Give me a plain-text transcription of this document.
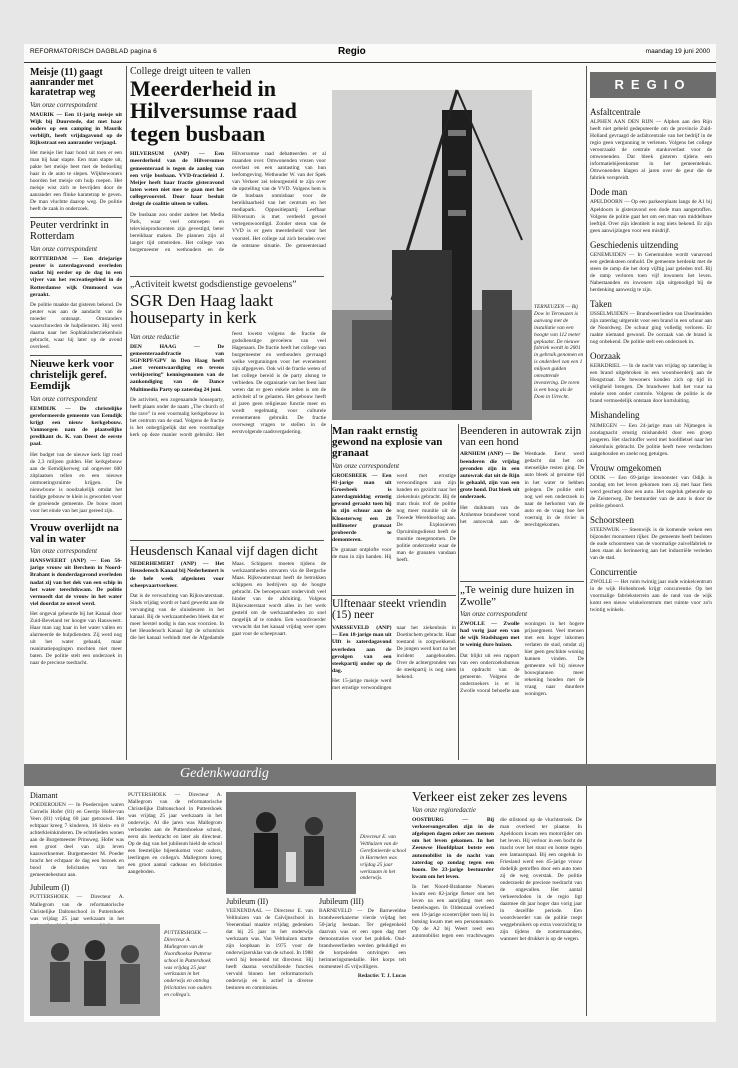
REFORMATORISCH DAGBLAD pagina 6	Regio	maandag 19 juni 2000
Meisje (11) gaagt aanrander met karatetrap weg

Van onze correspondent

MAURIK — Een 11-jarig meisje uit Wijk bij Duurstede, dat met haar ouders op een camping in Maurik verblijft, heeft vrijdagavond op de Rijksstraat een aanrander verjaagd.

Het meisje liet haar hond uit toen er een man bij haar stapte. Een man stapte uit, pakte het meisje beet met de bedoeling haar in de auto te slepen. Wijkbewoners hoorden het meisje om hulp roepen. Het meisje wist zich te bevrijden door de aanrander een flinke karatetrap te geven. De man vluchtte daarop weg. De politie heeft de zaak in onderzoek.

Peuter verdrinkt in Rotterdam

Van onze correspondent

ROTTERDAM — Een driejarige peuter is zaterdagavond overleden nadat hij eerder op de dag in een vijver van het recreatiegebied in de Rotterdamse wijk Ommoord was geraakt.

De politie maakte dat gisteren bekend. De peuter was aan de aandacht van de moeder ontsnapt. Omstanders waarschuwden de hulpdiensten. Hij werd daarna naar het Sophiakinderziekenhuis gebracht, waar hij later op de avond overleed.

Nieuwe kerk voor christelijk geref. Eemdijk

Van onze correspondent

EEMDIJK — De christelijke gereformeerde gemeente van Eemdijk krijgt een nieuw kerkgebouw. Vanmorgen nam de plaatselijke predikant ds. K. van Deest de eerste paal.

Het budget van de nieuwe kerk ligt rond de 2,3 miljoen gulden. Het kerkgebouw aan de Eemdijkerweg zal ongeveer 600 zitplaatsen tellen en een nieuwe ontmoetingsruimte krijgen. De nieuwbouw is noodzakelijk omdat het huidige gebouw te klein is geworden voor de groeiende gemeente. De bouw moet voor het einde van het jaar gereed zijn.

Vrouw overlijdt na val in water

Van onze correspondent

HANSWEERT (ANP) — Een 56-jarige vrouw uit Berchem in Noord-Brabant is donderdagavond overleden nadat zij van het dek van een schip in het water terechtkwam. De politie vermoedt dat de vrouw in het water viel doordat ze onwel werd.

Het ongeval gebeurde bij het Kanaal door Zuid-Beveland ter hoogte van Hansweert. Haar man zag haar in het water vallen en alarmeerde de hulpdiensten. Zij werd nog uit het water gehaald, maar reanimatiepogingen mochten niet meer baten. De politie stelt een onderzoek in naar de precieze toedracht.

College dreigt uiteen te vallen

Meerderheid in Hilversumse raad tegen busbaan

HILVERSUM (ANP) — Een meerderheid van de Hilversumse gemeenteraad is tegen de aanleg van een vrije busbaan. VVD-fractieleid J. Meijer heeft haar fractie gisteravond laten weten niet mee te gaan met het collegevoorstel. Door haar besluit dreigt de coalitie uiteen te vallen.

De busbaan zou onder andere het Media Park, waar veel omroepen en televisieproducenten zijn gevestigd, beter bereikbaar maken. De plannen zijn al langer tijd omstreden. Het college van burgemeester en wethouders en de Hilversumse raad debatteerden er al maanden over. Omwonenden vrezen voor overlast en een aantasting van hun leefomgeving. Wethouder W. van der Spek van Verkeer zei teleurgesteld te zijn over de opstelling van de VVD. Volgens hem is de busbaan onmisbaar voor de bereikbaarheid van het centrum en het mediapark. Oppositiepartij Leefbaar Hilversum is met verdeeld gevoel vertegenwoordigd. Zonder steun van de VVD is er geen meerderheid voor het voorstel. Het college zal zich beraden over de ontstane situatie. De gemeenteraad

„Activiteit kwetst godsdienstige gevoelens”

SGR Den Haag laakt houseparty in kerk

Van onze redactie

DEN HAAG — De gemeenteraadsfractie van SGP/RPF/GPV in Den Haag heeft „met verontwaardiging en tevens verbijstering” kennisgenomen van de aankondiging van de Dance Multimedia Party op zaterdag 24 juni.

De activiteit, een zogenaamde houseparty, heeft plaats onder de naam „The church of the rave” in een voormalig kerkgebouw in het centrum van de stad. Volgens de fractie is het onbegrijpelijk dat een voormalige kerk op deze manier wordt gebruikt. Het feest kwetst volgens de fractie de godsdienstige gevoelens van veel Hagenaars. De fractie heeft het college van burgemeester en wethouders gevraagd welke vergunningen voor het evenement zijn afgegeven. Ook wil de fractie weten of het college bereid is de party alsnog te verbieden. De organisatie van het feest laat weten dat er geen enkele reden is om de activiteit af te gelasten. Het gebouw heeft al jaren geen religieuze functie meer en wordt regelmatig voor culturele evenementen gebruikt. De fractie overweegt vragen te stellen in de eerstvolgende raadsvergadering.

Heusdensch Kanaal vijf dagen dicht

NEDERHEMERT (ANP) — Het Heusdensch Kanaal bij Nederhemert is de hele week afgesloten voor scheepvaartverkeer.

Dat is de verwachting van Rijkswaterstaat. Sinds vrijdag wordt er hard gewerkt aan de vervanging van de sluisdeuren in het kanaal. Bij de werkzaamheden bleek dat er meer herstel nodig is dan was voorzien. In het Heusdensch Kanaal ligt de schutsluis die het kanaal verbindt met de Afgedamde Maas. Schippers moeten tijdens de werkzaamheden omvaren via de Bergsche Maas. Rijkswaterstaat heeft de betrokken schippers en bedrijven op de hoogte gebracht. De beroepsvaart ondervindt veel hinder van de afsluiting. Volgens Rijkswaterstaat wordt alles in het werk gesteld om de werkzaamheden zo snel mogelijk af te ronden. Een woordvoerder verwacht dat het kanaal vrijdag weer open gaat voor de scheepvaart.

TERNEUZEN — Bij Dow in Terneuzen is aanvang met de installatie van een hoogte van 112 meter geplaatst. De nieuwe fabriek wordt in 2001 in gebruik genomen en is onderdeel van een 1 miljoen gulden omvattende investering. De toren is een hoog als de Dom in Utrecht.
Man raakt ernstig gewond na explosie van granaat

Van onze correspondent

GROESBEEK — Een 41-jarige man uit Groesbeek is zaterdagmiddag ernstig gewond geraakt toen hij in zijn schuur aan de Kloosterweg een 20 millimeter granaat probeerde te demonteren.

De granaat ontplofte voor de man in zijn handen. Hij werd met ernstige verwondingen aan zijn handen en gezicht naar het ziekenhuis gebracht. Bij de man thuis trof de politie nog meer munitie uit de Tweede Wereldoorlog aan. De Explosieven Opruimingsdienst heeft de munitie meegenomen. De politie onderzoekt waar de man de granaten vandaan heeft.

Ulftenaar steekt vriendin (15) neer

VARSSEVELD (ANP) — Een 18-jarige man uit Ulft is zaterdagavond overleden aan de gevolgen van een steekpartij onder op de dag.

Het 15-jarige meisje werd met ernstige verwondingen naar het ziekenhuis in Doetinchem gebracht. Haar toestand is zorgwekkend. De jongen werd kort na het incident aangehouden. Over de achtergronden van de steekpartij is nog niets bekend.

Beenderen in autowrak zijn van een hond

ARNHEM (ANP) — De beenderen die vrijdag gevonden zijn in een autowrak dat uit de Rijn is gehaald, zijn van een grote hond. Dat bleek uit onderzoek.

Het duikteam van de Arnhemse brandweer vond het autowrak aan de Westkade. Eerst werd gedacht dat het om menselijke resten ging. De auto bleek al geruime tijd in het water te hebben gelegen. De politie stelt nog wel een onderzoek in naar de herkomst van de auto en de vraag hoe het voertuig in de rivier is terechtgekomen.

„Te weinig dure huizen in Zwolle”

Van onze correspondent

ZWOLLE — Zwolle had vorig jaar een van de wijk Stadshagen met te weinig dure huizen.

Dat blijkt uit een rapport van een onderzoeksbureau in opdracht van de gemeente. Volgens de onderzoekers is er in Zwolle vooral behoefte aan woningen in het hogere prijssegment. Veel mensen met een hoger inkomen verlaten de stad, omdat zij hier geen geschikte woning kunnen vinden. De gemeente wil bij nieuwe bouwplannen meer rekening houden met de vraag naar duurdere woningen.

REGIO
Asfaltcentrale

ALPHEN AAN DEN RIJN — Alphen aan den Rijn heeft niet gebeld gedeputeerde om de provincie Zuid-Holland gevraagd de asfaltcentrale van het bedrijf in de regio geen vergunning te verlenen. Volgens het college veroorzaakt de centrale stankoverlast voor de omwonenden. Dat bleek gisteren tijdens een informatiebijeenkomst in het gemeentehuis. Omwonenden klagen al jaren over de geur die de fabriek verspreidt.

Dode man

APELDOORN — Op een parkeerplaats langs de A1 bij Apeldoorn is gisteravond een dode man aangetroffen. Volgens de politie gaat het om een man van middelbare leeftijd. Over zijn identiteit is nog niets bekend. Er zijn geen aanwijzingen voor een misdrijf.

Geschiedenis uitzending

GENEMUIDEN — In Genemuiden wordt vanavond een gedenksteen onthuld. De gemeente herdenkt met de steen de ramp die het dorp vijftig jaar geleden trof. Bij de ramp verloren toen vijf inwoners het leven. Nabestaanden en inwoners zijn uitgenodigd bij de herdenking aanwezig te zijn.

Taken

IJSSELMUIDEN — Brandweerlieden van IJsselmuiden zijn zaterdag uitgerukt voor een brand in een schuur aan de Noordweg. De schuur ging volledig verloren. Er raakte niemand gewond. De oorzaak van de brand is nog onbekend. De politie stelt een onderzoek in.

Oorzaak

KERKDRIEL — In de nacht van vrijdag op zaterdag is een brand uitgebroken in een woonboerderij aan de Hoogstraat. De bewoners konden zich op tijd in veiligheid brengen. De brandweer had het vuur na enkele uren onder controle. Volgens de politie is de brand vermoedelijk ontstaan door kortsluiting.

Mishandeling

NIJMEGEN — Een 24-jarige man uit Nijmegen is zondagnacht ernstig mishandeld door een groep jongeren. Het slachtoffer werd met hoofdletsel naar het ziekenhuis gebracht. De politie heeft twee verdachten aangehouden en zoekt nog getuigen.

Vrouw omgekomen

ODIJK — Een 69-jarige inwoonster van Odijk is zondag om het leven gekomen toen zij met haar fiets werd geschept door een auto. Het ongeluk gebeurde op de Zeisterweg. De bestuurder van de auto is door de politie gehoord.

Schoorsteen

STEENWIJK — Steenwijk is de komende weken een bijzonder monument rijker. De gemeente heeft besloten de oude schoorsteen van de voormalige zuivelfabriek te laten staan als herinnering aan het industriële verleden van de stad.

Concurrentie

ZWOLLE — Het ruim twintig jaar oude winkelcentrum in de wijk Holtenbroek krijgt concurrentie. Op het voormalige fabrieksterrein aan de rand van de wijk komt een nieuw winkelcentrum met ruimte voor zo'n twintig winkels.

Gedenkwaardig
Diamant

POEDEROIJEN — In Poederoijen waren Cornelis Hofer (81) en Geertje Hofer-van Veen (81) vrijdag 60 jaar getrouwd. Het echtpaar kreeg 7 kinderen, 16 klein- en 8 achterkleinkinderen. De echtelieden wonen aan de Burgemeester Prinsweg. Hofer was een groot deel van zijn leven kaaswerknemer. Burgemeester M. Poeder bracht het echtpaar de dag een bezoek en bood de felicitaties van het gemeentebestuur aan.

Jubileum (I)

PUTTERSHOEK — Directeur A. Mallegrom van de reformatorische Christelijke Daltonschool in Puttershoek was vrijdag 25 jaar werkzaam in het

PUTTERSHOEK — Directeur A. Mallegrom van de Noordhoekse Putterse school in Puttershoek was vrijdag 25 jaar werkzaam in het onderwijs en ontving felicitaties van ouders en collega's.

PUTTERSHOEK — Directeur A. Mallegrom van de reformatorische Christelijke Daltonschool in Puttershoek was vrijdag 25 jaar werkzaam in het onderwijs. Al die jaren was Mallegrom verbonden aan de Puttershoekse school, eerst als leerkracht en later als directeur. Op de dag van het jubileum hield de school een feestelijke bijeenkomst voor ouders, leerlingen en collega's. Mallegrom kreeg een groot aantal cadeaus en felicitaties aangeboden.

Directeur E. van Velthuizen van de Gerefonieerde school in Harmelen was vrijdag 25 jaar werkzaam in het onderwijs.
Jubileum (II)

VEENENDAAL — Directeur E. van Velthuizen van de Calvijnschool in Veenendaal maakte vrijdag gedenken dat hij 25 jaar in het onderwijs werkzaam was. Van Velthuizen startte zijn loopbaan in 1975 voor de onderwijzersklas van de school. In 1988 werd hij benoemd tot directeur. Hij heeft daarna verschillende functies vervuld binnen het reformatorisch onderwijs en is actief in diverse besturen en commissies.

Jubileum (III)

BARNEVELD — De Barneveldse brandweerkazerne vierde vrijdag het 50-jarig bestaan. Ter gelegenheid daarvan was er een open dag met demonstraties voor het publiek. Oud-brandweerlieden werden gehuldigd en de korpsleden ontvingen een herinneringsmedaille. Het korps telt momenteel 45 vrijwilligers.

Redactie: T. J. Lucas

Verkeer eist zeker zes levens

Van onze regioredactie

OOSTBURG — Bij verkeersongevallen zijn in de afgelopen dagen zeker zes mensen om het leven gekomen. In het Zeeuwse Hoofdplaat botste een automobilist in de nacht van zaterdag op zondag tegen een boom. De 23-jarige bestuurder kwam om het leven.

In het Noord-Brabantse Nuenen kwam een 82-jarige fietser om het leven na een aanrijding met een bestelwagen. In Oldenzaal overleed een 19-jarige scooterrijder toen hij in botsing kwam met een personenauto. Op de A2 bij Weert reed een automobilist tegen een vrachtwagen die stilstond op de vluchtstrook. De man overleed ter plaatse. In Apeldoorn kwam een motorrijder om het leven. Hij verloor in een bocht de macht over het stuur en botste tegen een lantaarnpaal. Bij een ongeluk in Friesland werd een 45-jarige vrouw dodelijk getroffen door een auto toen zij de weg overstak. De politie onderzoekt de precieze toedracht van de ongevallen. Het aantal verkeersdoden in de regio ligt daarmee dit jaar hoger dan vorig jaar in dezelfde periode. Een woordvoerder van de politie roept weggebruikers op extra voorzichtig te zijn tijdens de zomermaanden, wanneer het drukker is op de wegen.
